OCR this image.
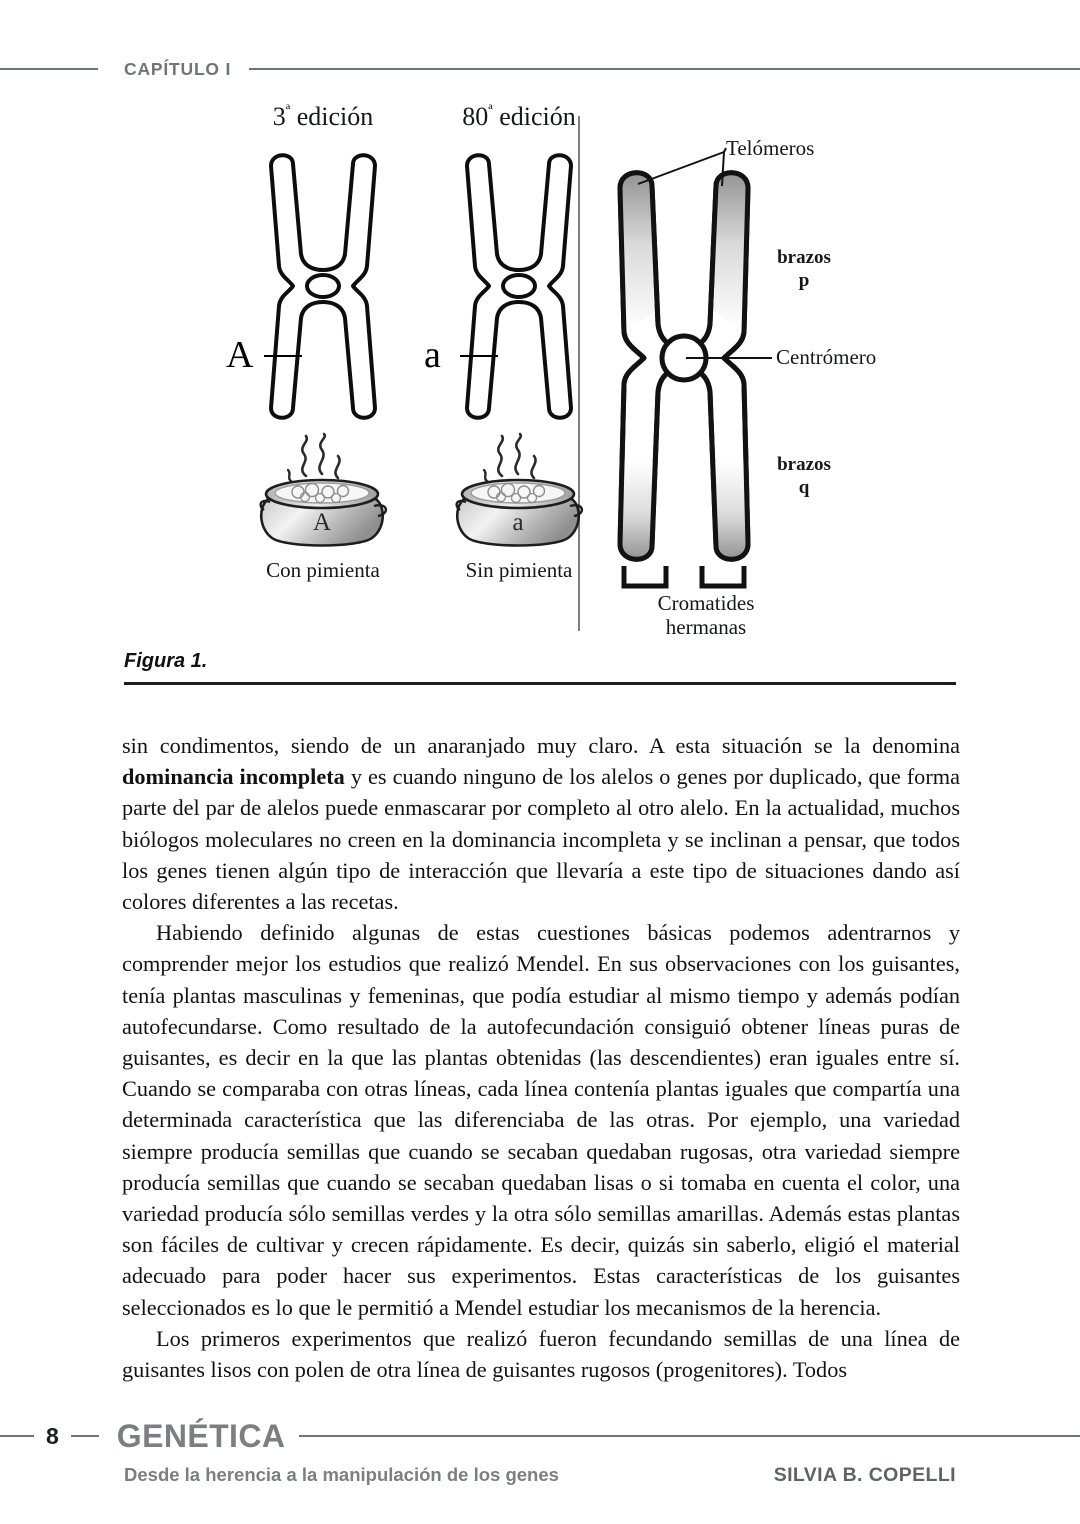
CAPÍTULO I
$3^ª$ edición
A
A
Con pimienta
$80^ª$ edición
a
a
Sin pimienta
Telómeros
brazos
p
Centrómero
brazos
q
Cromatides
hermanas
Figura 1.

sin condimentos, siendo de un anaranjado muy claro. A esta situación se la denomina dominancia incompleta y es cuando ninguno de los alelos o genes por duplicado, que forma parte del par de alelos puede enmascarar por completo al otro alelo. En la actualidad, muchos biólogos moleculares no creen en la dominancia incompleta y se inclinan a pensar, que todos los genes tienen algún tipo de interacción que llevaría a este tipo de situaciones dando así colores diferentes a las recetas.

Habiendo definido algunas de estas cuestiones básicas podemos adentrarnos y comprender mejor los estudios que realizó Mendel. En sus observaciones con los guisantes, tenía plantas masculinas y femeninas, que podía estudiar al mismo tiempo y además podían autofecundarse. Como resultado de la autofecundación consiguió obtener líneas puras de guisantes, es decir en la que las plantas obtenidas (las descendientes) eran iguales entre sí. Cuando se comparaba con otras líneas, cada línea contenía plantas iguales que compartía una determinada característica que las diferenciaba de las otras. Por ejemplo, una variedad siempre producía semillas que cuando se secaban quedaban rugosas, otra variedad siempre producía semillas que cuando se secaban quedaban lisas o si tomaba en cuenta el color, una variedad producía sólo semillas verdes y la otra sólo semillas amarillas. Además estas plantas son fáciles de cultivar y crecen rápidamente. Es decir, quizás sin saberlo, eligió el material adecuado para poder hacer sus experimentos. Estas características de los guisantes seleccionados es lo que le permitió a Mendel estudiar los mecanismos de la herencia.

Los primeros experimentos que realizó fueron fecundando semillas de una línea de guisantes lisos con polen de otra línea de guisantes rugosos (progenitores). Todos

8	GENÉTICA
Desde la herencia a la manipulación de los genes	SILVIA B. COPELLI
